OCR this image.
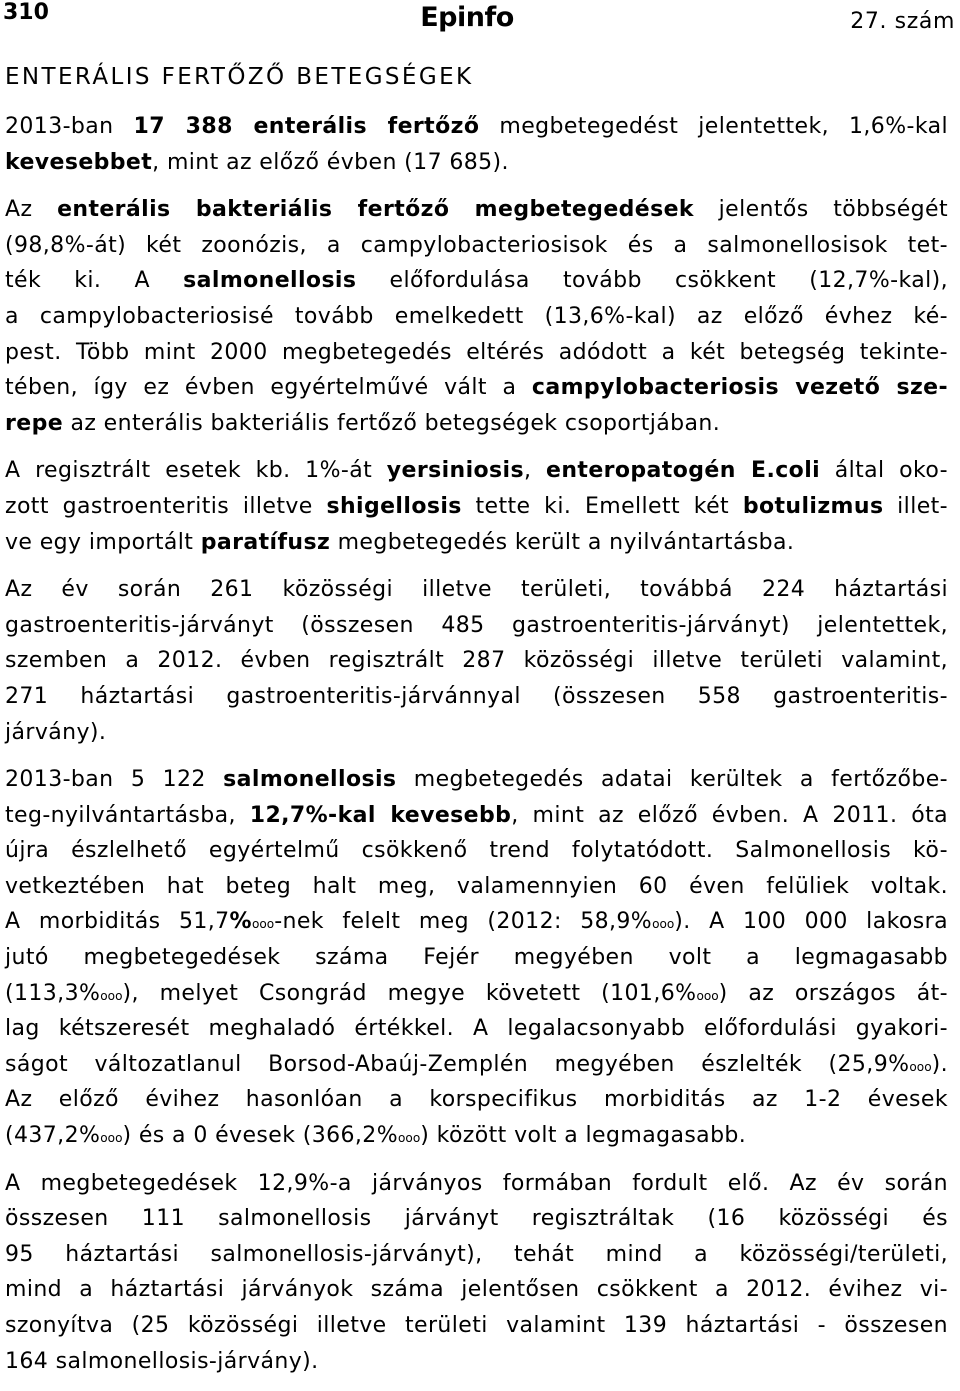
310	Epinfo	27. szám
ENTERÁLIS FERTŐZŐ BETEGSÉGEK
2013-ban 17 388 enterális fertőző megbetegedést jelentettek, 1,6%-kal
kevesebbet, mint az előző évben (17 685).
Az enterális bakteriális fertőző megbetegedések jelentős többségét
(98,8%-át) két zoonózis, a campylobacteriosisok és a salmonellosisok tet-
ték ki. A salmonellosis előfordulása tovább csökkent (12,7%-kal),
a campylobacteriosisé tovább emelkedett (13,6%-kal) az előző évhez ké-
pest. Több mint 2000 megbetegedés eltérés adódott a két betegség tekinte-
tében, így ez évben egyértelművé vált a campylobacteriosis vezető sze-
repe az enterális bakteriális fertőző betegségek csoportjában.
A regisztrált esetek kb. 1%-át yersiniosis, enteropatogén E.coli által oko-
zott gastroenteritis illetve shigellosis tette ki. Emellett két botulizmus illet-
ve egy importált paratífusz megbetegedés került a nyilvántartásba.
Az év során 261 közösségi illetve területi, továbbá 224 háztartási
gastroenteritis-járványt (összesen 485 gastroenteritis-járványt) jelentettek,
szemben a 2012. évben regisztrált 287 közösségi illetve területi valamint,
271 háztartási gastroenteritis-járvánnyal (összesen 558 gastroenteritis-
járvány).
2013-ban 5 122 salmonellosis megbetegedés adatai kerültek a fertőzőbe-
teg-nyilvántartásba, 12,7%-kal kevesebb, mint az előző évben. A 2011. óta
újra észlelhető egyértelmű csökkenő trend folytatódott. Salmonellosis kö-
vetkeztében hat beteg halt meg, valamennyien 60 éven felüliek voltak.
A morbiditás 51,7%ooo-nek felelt meg (2012: 58,9%ooo). A 100 000 lakosra
jutó megbetegedések száma Fejér megyében volt a legmagasabb
(113,3%ooo), melyet Csongrád megye követett (101,6%ooo) az országos át-
lag kétszeresét meghaladó értékkel. A legalacsonyabb előfordulási gyakori-
ságot változatlanul Borsod-Abaúj-Zemplén megyében észlelték (25,9%ooo).
Az előző évihez hasonlóan a korspecifikus morbiditás az 1-2 évesek
(437,2%ooo) és a 0 évesek (366,2%ooo) között volt a legmagasabb.
A megbetegedések 12,9%-a járványos formában fordult elő. Az év során
összesen 111 salmonellosis járványt regisztráltak (16 közösségi és
95 háztartási salmonellosis-járványt), tehát mind a közösségi/területi,
mind a háztartási járványok száma jelentősen csökkent a 2012. évihez vi-
szonyítva (25 közösségi illetve területi valamint 139 háztartási - összesen
164 salmonellosis-járvány).
